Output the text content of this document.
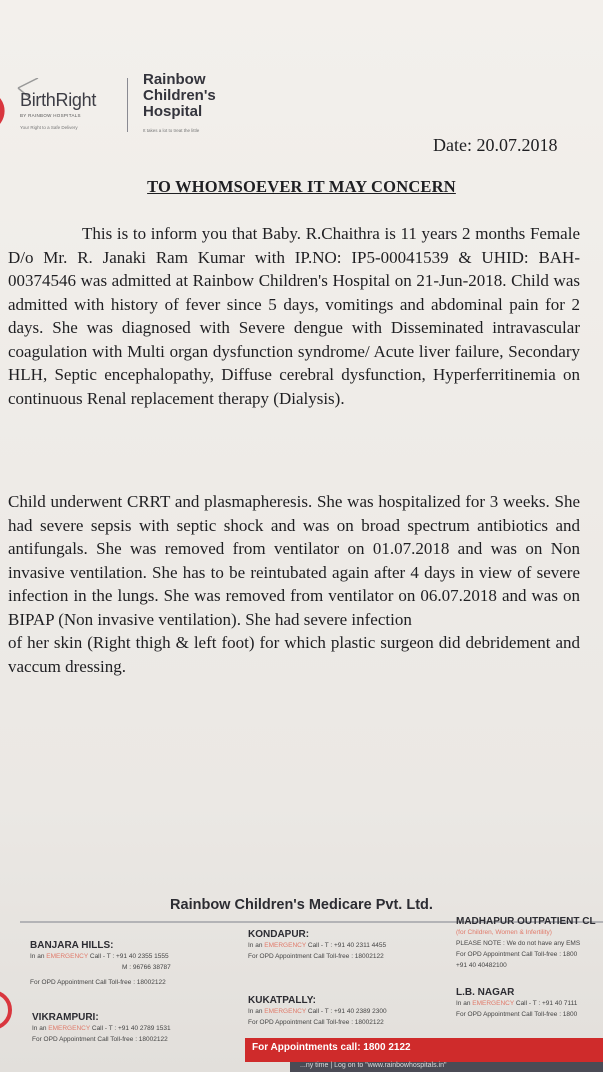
BirthRight
BY RAINBOW HOSPITALS
Your Right to a Safe Delivery
Rainbow
Children's
Hospital
It takes a lot to treat the little
Date: 20.07.2018
TO WHOMSOEVER IT MAY CONCERN
This is to inform you that Baby. R.Chaithra is 11 years 2 months Female D/o Mr. R. Janaki Ram Kumar with IP.NO: IP5-00041539 & UHID: BAH-00374546 was admitted at Rainbow Children's Hospital on 21-Jun-2018. Child was admitted with history of fever since 5 days, vomitings and abdominal pain for 2 days. She was diagnosed with Severe dengue with Disseminated intravascular coagulation with Multi organ dysfunction syndrome/ Acute liver failure, Secondary HLH, Septic encephalopathy, Diffuse cerebral dysfunction, Hyperferritinemia on continuous Renal replacement therapy (Dialysis).
Child underwent CRRT and plasmapheresis. She was hospitalized for 3 weeks. She had severe sepsis with septic shock and was on broad spectrum antibiotics and antifungals. She was removed from ventilator on 01.07.2018 and was on Non invasive ventilation. She has to be reintubated again after 4 days in view of severe infection in the lungs. She was removed from ventilator on 06.07.2018 and was on BIPAP (Non invasive ventilation). She had severe infection
of her skin (Right thigh & left foot) for which plastic surgeon did debridement and vaccum dressing.
Rainbow Children's Medicare Pvt. Ltd.
BANJARA HILLS:
In an EMERGENCY Call - T : +91 40 2355 1555
M : 96766 38787
For OPD Appointment Call Toll-free : 18002122
KONDAPUR:
In an EMERGENCY Call - T : +91 40 2311 4455
For OPD Appointment Call Toll-free : 18002122
MADHAPUR OUTPATIENT CL
(for Children, Women & Infertility)
PLEASE NOTE : We do not have any EMS
For OPD Appointment Call Toll-free : 1800
+91 40 40482100
VIKRAMPURI:
In an EMERGENCY Call - T : +91 40 2789 1531
For OPD Appointment Call Toll-free : 18002122
KUKATPALLY:
In an EMERGENCY Call - T : +91 40 2389 2300
For OPD Appointment Call Toll-free : 18002122
L.B. NAGAR
In an EMERGENCY Call - T : +91 40 7111
For OPD Appointment Call Toll-free : 1800
For Appointments call: 1800 2122
...ny time | Log on to "www.rainbowhospitals.in"
